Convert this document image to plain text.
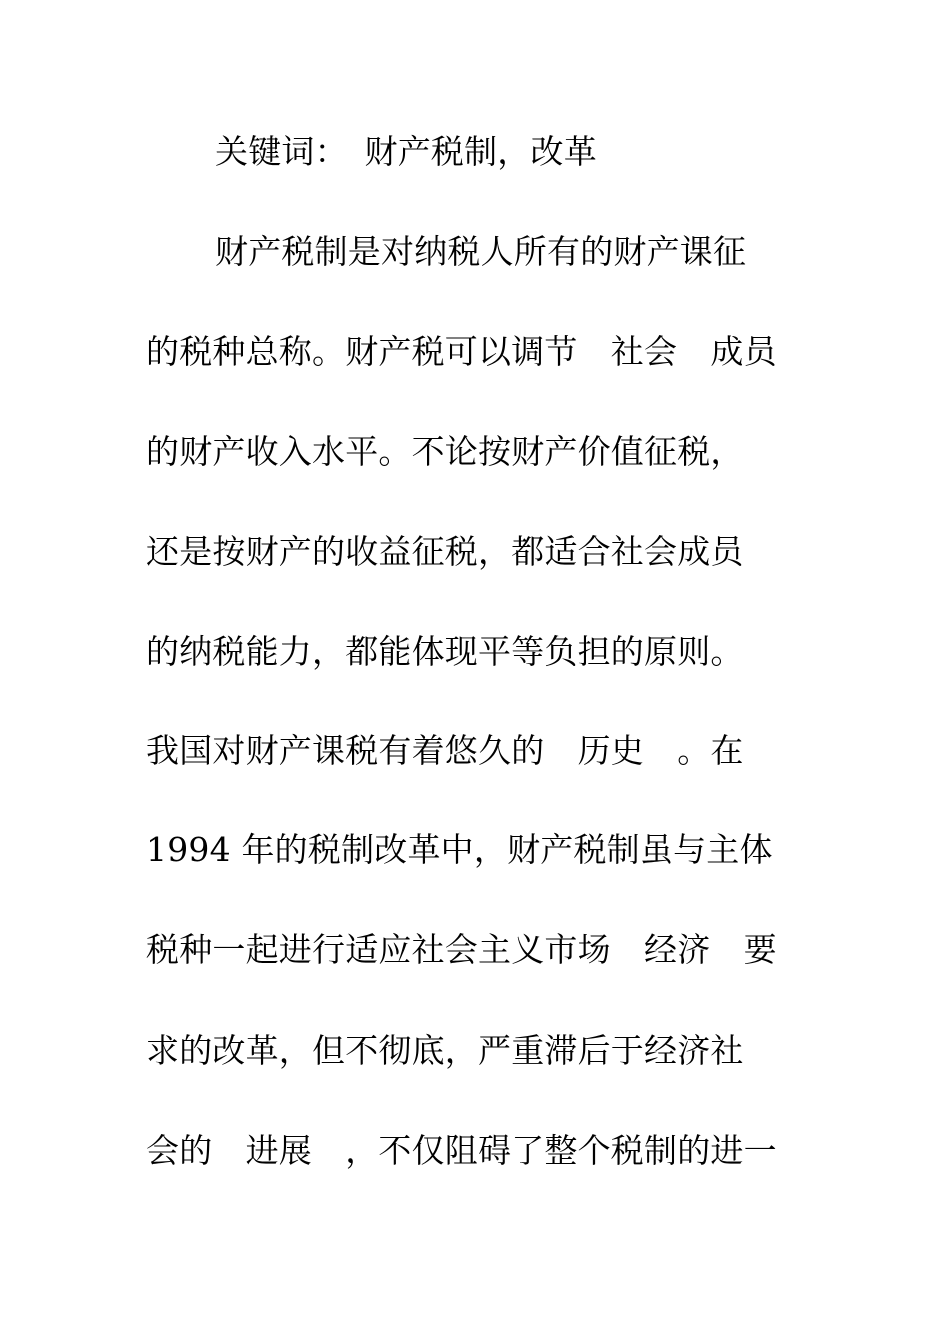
关键词：　财产税制，改革
财产税制是对纳税人所有的财产课征
的税种总称。财产税可以调节　社会　成员
的财产收入水平。不论按财产价值征税，
还是按财产的收益征税，都适合社会成员
的纳税能力，都能体现平等负担的原则。
我国对财产课税有着悠久的　历史　。在
1994 年的税制改革中，财产税制虽与主体
税种一起进行适应社会主义市场　经济　要
求的改革，但不彻底，严重滞后于经济社
会的　进展　，不仅阻碍了整个税制的进一
